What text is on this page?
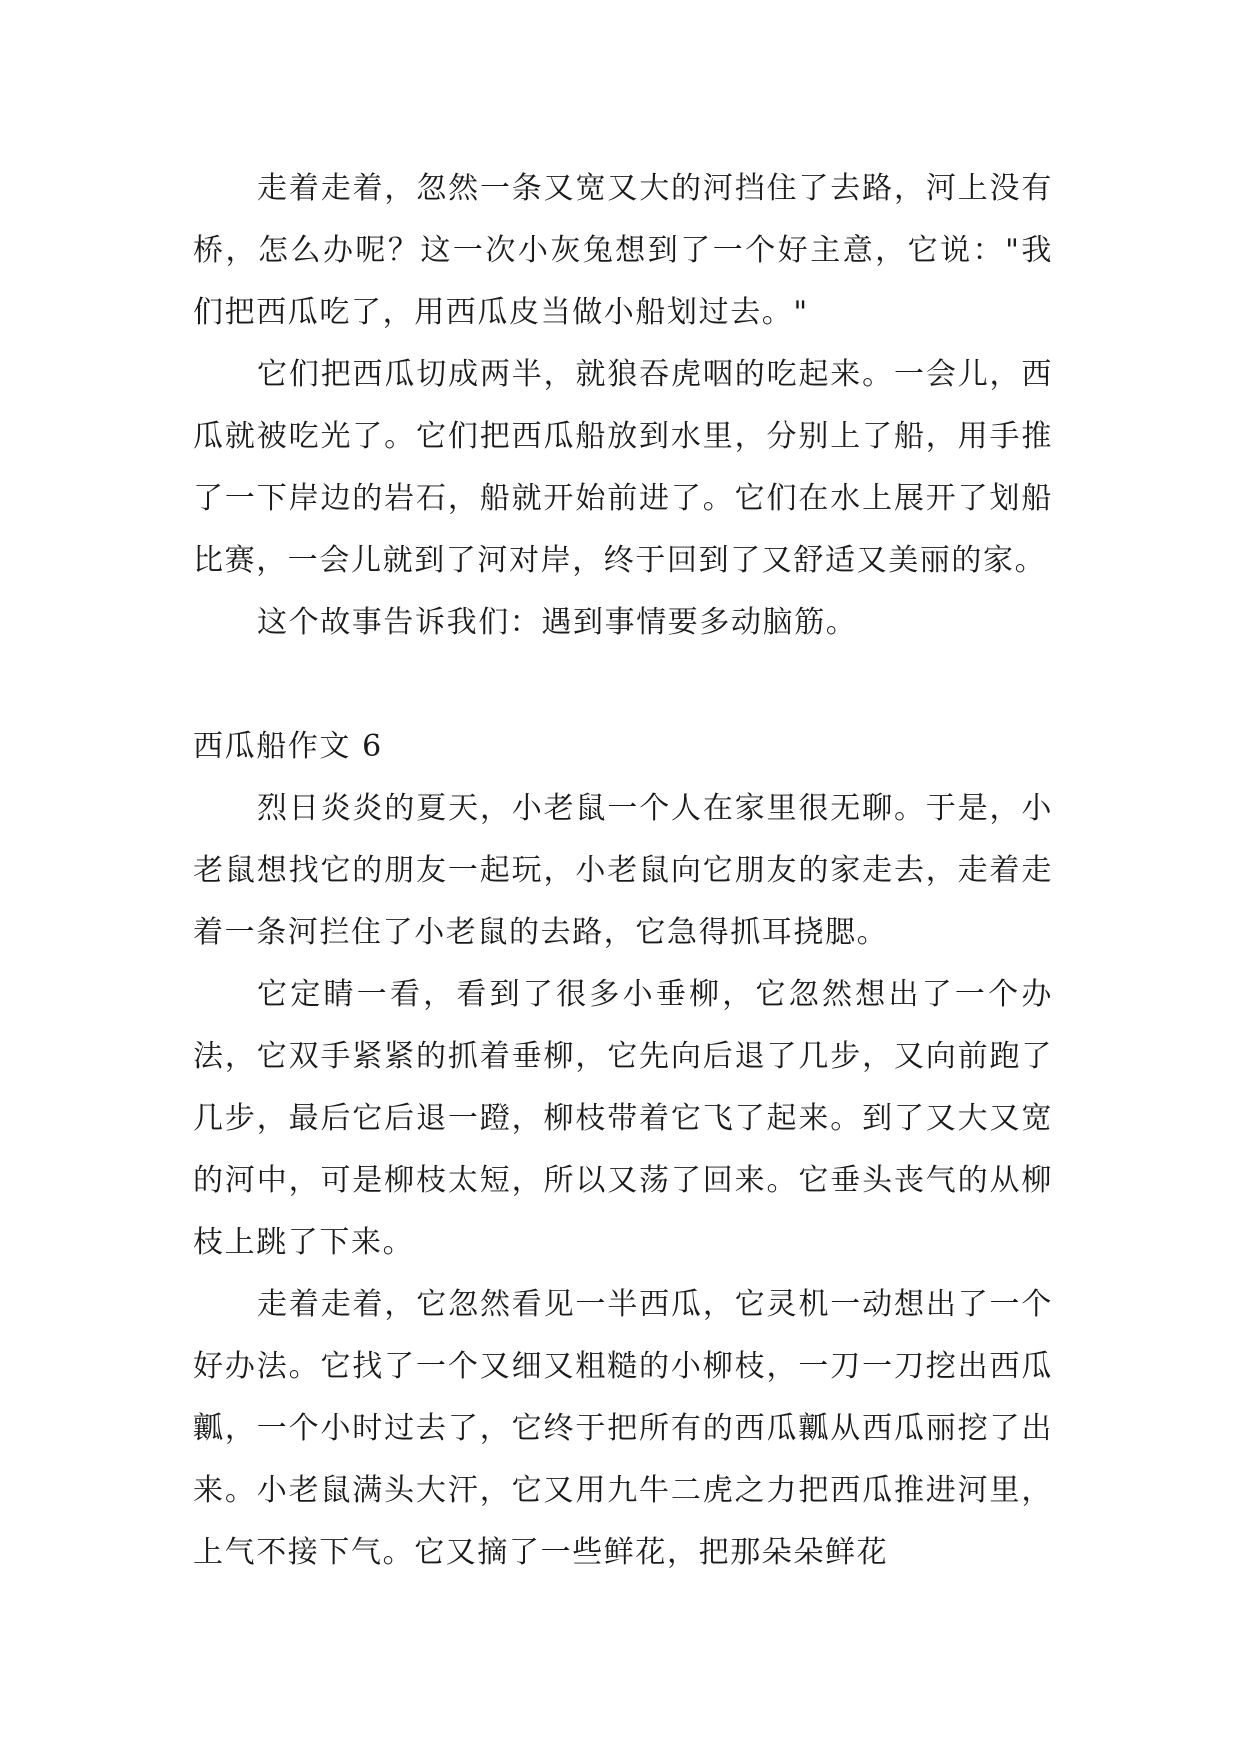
走着走着，忽然一条又宽又大的河挡住了去路，河上没有桥，怎么办呢？这一次小灰兔想到了一个好主意，它说："我们把西瓜吃了，用西瓜皮当做小船划过去。"

它们把西瓜切成两半，就狼吞虎咽的吃起来。一会儿，西瓜就被吃光了。它们把西瓜船放到水里，分别上了船，用手推了一下岸边的岩石，船就开始前进了。它们在水上展开了划船比赛，一会儿就到了河对岸，终于回到了又舒适又美丽的家。

这个故事告诉我们：遇到事情要多动脑筋。

西瓜船作文 6

烈日炎炎的夏天，小老鼠一个人在家里很无聊。于是，小老鼠想找它的朋友一起玩，小老鼠向它朋友的家走去，走着走着一条河拦住了小老鼠的去路，它急得抓耳挠腮。

它定睛一看，看到了很多小垂柳，它忽然想出了一个办法，它双手紧紧的抓着垂柳，它先向后退了几步，又向前跑了几步，最后它后退一蹬，柳枝带着它飞了起来。到了又大又宽的河中，可是柳枝太短，所以又荡了回来。它垂头丧气的从柳枝上跳了下来。

走着走着，它忽然看见一半西瓜，它灵机一动想出了一个好办法。它找了一个又细又粗糙的小柳枝，一刀一刀挖出西瓜瓤，一个小时过去了，它终于把所有的西瓜瓤从西瓜丽挖了出来。小老鼠满头大汗，它又用九牛二虎之力把西瓜推进河里，上气不接下气。它又摘了一些鲜花，把那朵朵鲜花
